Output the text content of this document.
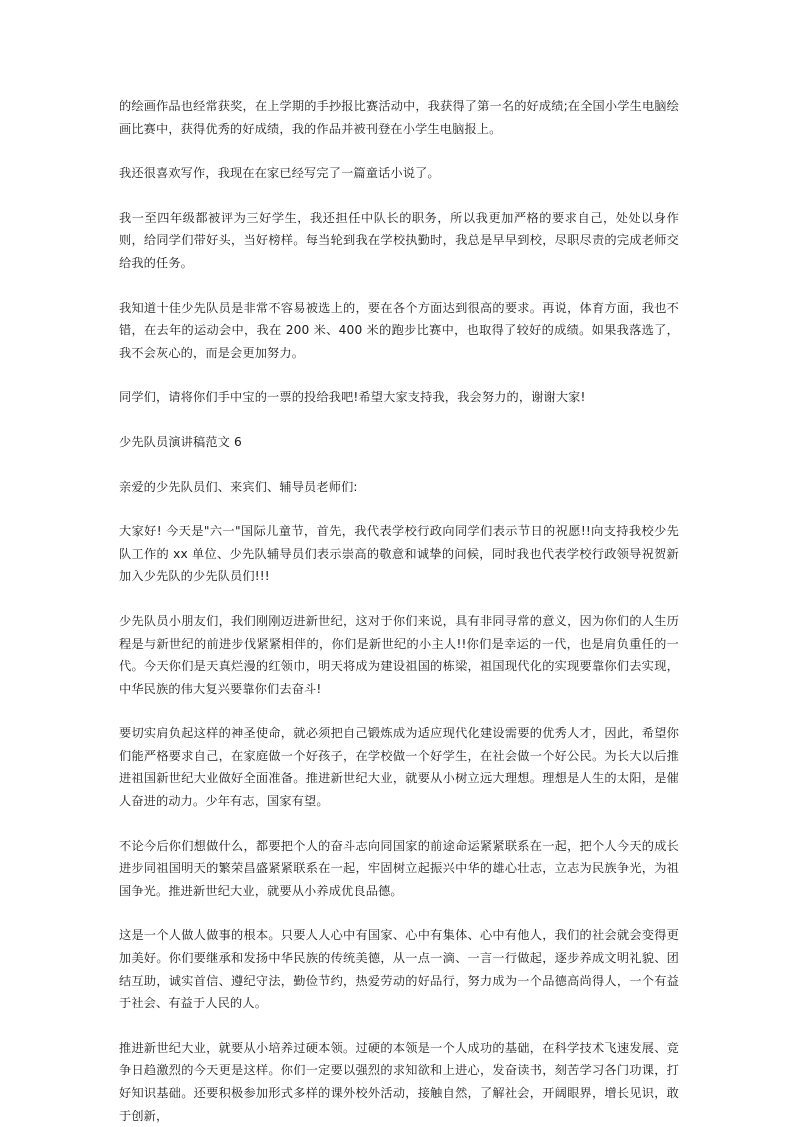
的绘画作品也经常获奖，在上学期的手抄报比赛活动中，我获得了第一名的好成绩;在全国小学生电脑绘画比赛中，获得优秀的好成绩，我的作品并被刊登在小学生电脑报上。

我还很喜欢写作，我现在在家已经写完了一篇童话小说了。

我一至四年级都被评为三好学生，我还担任中队长的职务，所以我更加严格的要求自己，处处以身作则，给同学们带好头，当好榜样。每当轮到我在学校执勤时，我总是早早到校，尽职尽责的完成老师交给我的任务。

我知道十佳少先队员是非常不容易被选上的，要在各个方面达到很高的要求。再说，体育方面，我也不错，在去年的运动会中，我在 200 米、400 米的跑步比赛中，也取得了较好的成绩。如果我落选了，我不会灰心的，而是会更加努力。

同学们，请将你们手中宝的一票的投给我吧!希望大家支持我，我会努力的，谢谢大家!

少先队员演讲稿范文 6

亲爱的少先队员们、来宾们、辅导员老师们:

大家好! 今天是"六一"国际儿童节，首先，我代表学校行政向同学们表示节日的祝愿!!向支持我校少先队工作的 xx 单位、少先队辅导员们表示崇高的敬意和诚挚的问候，同时我也代表学校行政领导祝贺新加入少先队的少先队员们!!!

少先队员小朋友们，我们刚刚迈进新世纪，这对于你们来说，具有非同寻常的意义，因为你们的人生历程是与新世纪的前进步伐紧紧相伴的，你们是新世纪的小主人!!你们是幸运的一代，也是肩负重任的一代。今天你们是天真烂漫的红领巾，明天将成为建设祖国的栋梁，祖国现代化的实现要靠你们去实现，中华民族的伟大复兴要靠你们去奋斗!

要切实肩负起这样的神圣使命，就必须把自己锻炼成为适应现代化建设需要的优秀人才，因此，希望你们能严格要求自己，在家庭做一个好孩子，在学校做一个好学生，在社会做一个好公民。为长大以后推进祖国新世纪大业做好全面准备。推进新世纪大业，就要从小树立远大理想。理想是人生的太阳，是催人奋进的动力。少年有志，国家有望。

不论今后你们想做什么，都要把个人的奋斗志向同国家的前途命运紧紧联系在一起，把个人今天的成长进步同祖国明天的繁荣昌盛紧紧联系在一起，牢固树立起振兴中华的雄心壮志，立志为民族争光，为祖国争光。推进新世纪大业，就要从小养成优良品德。

这是一个人做人做事的根本。只要人人心中有国家、心中有集体、心中有他人，我们的社会就会变得更加美好。你们要继承和发扬中华民族的传统美德，从一点一滴、一言一行做起，逐步养成文明礼貌、团结互助，诚实首信、遵纪守法，勤俭节约，热爱劳动的好品行，努力成为一个品德高尚得人，一个有益于社会、有益于人民的人。

推进新世纪大业，就要从小培养过硬本领。过硬的本领是一个人成功的基础，在科学技术飞速发展、竞争日趋激烈的今天更是这样。你们一定要以强烈的求知欲和上进心，发奋读书，刻苦学习各门功课，打好知识基础。还要积极参加形式多样的课外校外活动，接触自然，了解社会，开阔眼界，增长见识，敢于创新，
